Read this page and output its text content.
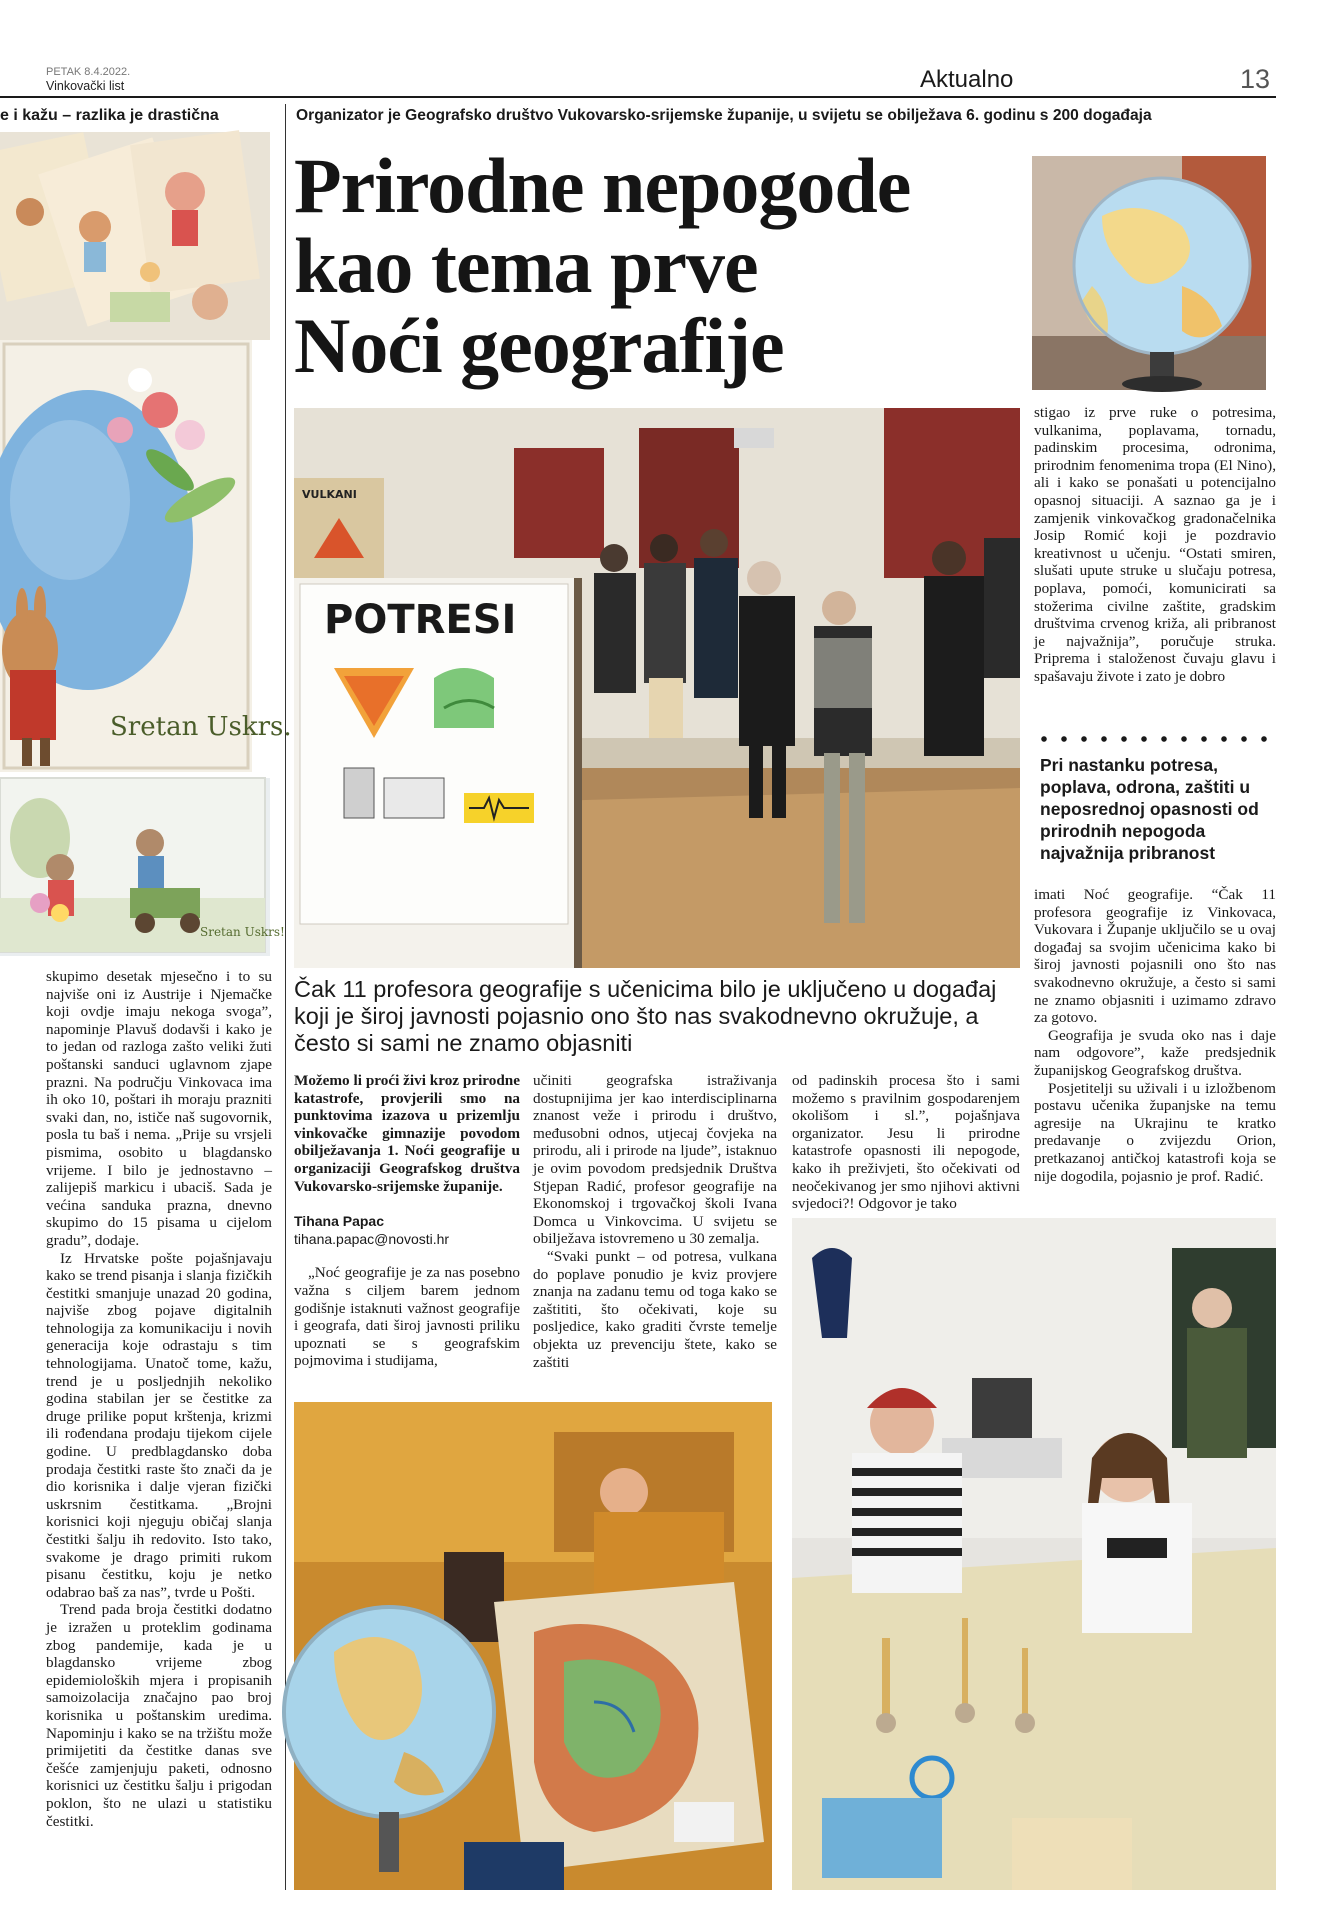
PETAK 8.4.2022.
Vinkovački list	Aktualno	13
e i kažu – razlika je drastična	Organizator je Geografsko društvo Vukovarsko-srijemske županije, u svijetu se obilježava 6. godinu s 200 događaja
Sretan Uskrs.
Sretan Uskrs!

skupimo desetak mjesečno i to su najviše oni iz Austrije i Njemačke koji ovdje imaju nekoga svoga”, napominje Plavuš dodavši i kako je to jedan od razloga zašto veliki žuti poštanski sanduci uglavnom zjape prazni. Na području Vinkovaca ima ih oko 10, poštari ih moraju prazniti svaki dan, no, ističe naš sugovornik, posla tu baš i nema. „Prije su vrsjeli pismima, osobito u blagdansko vrijeme. I bilo je jednostavno – zalijepiš markicu i ubaciš. Sada je većina sanduka prazna, dnevno skupimo do 15 pisama u cijelom gradu”, dodaje.

Iz Hrvatske pošte pojašnjavaju kako se trend pisanja i slanja fizičkih čestitki smanjuje unazad 20 godina, najviše zbog pojave digitalnih tehnologija za komunikaciju i novih generacija koje odrastaju s tim tehnologijama. Unatoč tome, kažu, trend je u posljednjih nekoliko godina stabilan jer se čestitke za druge prilike poput krštenja, krizmi ili rođendana prodaju tijekom cijele godine. U predblagdansko doba prodaja čestitki raste što znači da je dio korisnika i dalje vjeran fizički uskrsnim čestitkama. „Brojni korisnici koji njeguju običaj slanja čestitki šalju ih redovito. Isto tako, svakome je drago primiti rukom pisanu čestitku, koju je netko odabrao baš za nas”, tvrde u Pošti.

Trend pada broja čestitki dodatno je izražen u proteklim godinama zbog pandemije, kada je u blagdansko vrijeme zbog epidemioloških mjera i propisanih samoizolacija značajno pao broj korisnika u poštanskim uredima. Napominju i kako se na tržištu može primijetiti da čestitke danas sve češće zamjenjuju paketi, odnosno korisnici uz čestitku šalju i prigodan poklon, što ne ulazi u statistiku čestitki.

Prirodne nepogode
kao tema prve
Noći geografije
VULKANI
POTRESI
Čak 11 profesora geografije s učenicima bilo je uključeno u događaj koji je široj javnosti pojasnio ono što nas svakodnevno okružuje, a često si sami ne znamo objasniti

Možemo li proći živi kroz prirodne katastrofe, provjerili smo na punktovima izazova u prizemlju vinkovačke gimnazije povodom obilježavanja 1. Noći geografije u organizaciji Geografskog društva Vukovarsko-srijemske županije.

Tihana Papac
tihana.papac@novosti.hr

„Noć geografije je za nas posebno važna s ciljem barem jednom godišnje istaknuti važnost geografije i geografa, dati široj javnosti priliku upoznati se s geografskim pojmovima i studijama,

učiniti geografska istraživanja dostupnijima jer kao interdisciplinarna znanost veže i prirodu i društvo, međusobni odnos, utjecaj čovjeka na prirodu, ali i prirode na ljude”, istaknuo je ovim povodom predsjednik Društva Stjepan Radić, profesor geografije na Ekonomskoj i trgovačkoj školi Ivana Domca u Vinkovcima. U svijetu se obilježava istovremeno u 30 zemalja.

“Svaki punkt – od potresa, vulkana do poplave ponudio je kviz provjere znanja na zadanu temu od toga kako se zaštititi, što očekivati, koje su posljedice, kako graditi čvrste temelje objekta uz prevenciju štete, kako se zaštiti

od padinskih procesa što i sami možemo s pravilnim gospodarenjem okolišom i sl.”, pojašnjava organizator. Jesu li prirodne katastrofe opasnosti ili nepogode, kako ih preživjeti, što očekivati od neočekivanog jer smo njihovi aktivni svjedoci?! Odgovor je tako

stigao iz prve ruke o potresima, vulkanima, poplavama, tornadu, padinskim procesima, odronima, prirodnim fenomenima tropa (El Nino), ali i kako se ponašati u potencijalno opasnoj situaciji. A saznao ga je i zamjenik vinkovačkog gradonačelnika Josip Romić koji je pozdravio kreativnost u učenju. “Ostati smiren, slušati upute struke u slučaju potresa, poplava, pomoći, komunicirati sa stožerima civilne zaštite, gradskim društvima crvenog križa, ali pribranost je najvažnija”, poručuje struka. Priprema i staloženost čuvaju glavu i spašavaju živote i zato je dobro

Pri nastanku potresa, poplava, odrona, zaštiti u neposrednoj opasnosti od prirodnih nepogoda najvažnija pribranost

imati Noć geografije. “Čak 11 profesora geografije iz Vinkovaca, Vukovara i Županje uključilo se u ovaj događaj sa svojim učenicima kako bi široj javnosti pojasnili ono što nas svakodnevno okružuje, a često si sami ne znamo objasniti i uzimamo zdravo za gotovo.

Geografija je svuda oko nas i daje nam odgovore”, kaže predsjednik županijskog Geografskog društva.

Posjetitelji su uživali i u izložbenom postavu učenika županjske na temu agresije na Ukrajinu te kratko predavanje o zvijezdu Orion, pretkazanoj antičkoj katastrofi koja se nije dogodila, pojasnio je prof. Radić.
